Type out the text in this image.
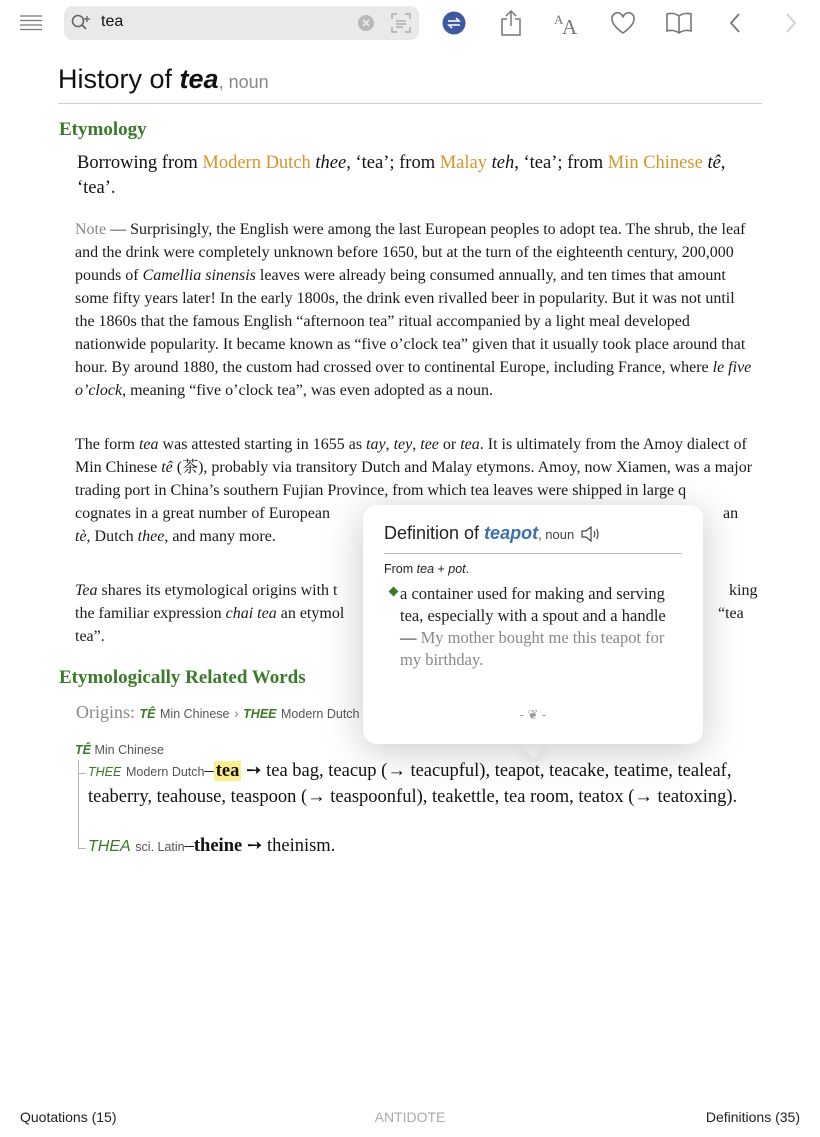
tea	A
A
History of tea, noun
Etymology
Borrowing from Modern Dutch thee, ‘tea’; from Malay teh, ‘tea’; from Min Chinese tê, ‘tea’.
Note — Surprisingly, the English were among the last European peoples to adopt tea. The shrub, the leaf and the drink were completely unknown before 1650, but at the turn of the eighteenth century, 200,000 pounds of Camellia sinensis leaves were already being consumed annually, and ten times that amount some fifty years later! In the early 1800s, the drink even rivalled beer in popularity. But it was not until the 1860s that the famous English “afternoon tea” ritual accompanied by a light meal developed nationwide popularity. It became known as “five o’clock tea” given that it usually took place around that hour. By around 1880, the custom had crossed over to continental Europe, including France, where le five o’clock, meaning “five o’clock tea”, was even adopted as a noun.
The form tea was attested starting in 1655 as tay, tey, tee or tea. It is ultimately from the Amoy dialect of Min Chinese tê (茶), probably via transitory Dutch and Malay etymons. Amoy, now Xiamen, was a major trading port in China’s southern Fujian Province, from which tea leaves were shipped in large q
cognates in a great number of European	an

tè, Dutch thee, and many more.
Tea shares its etymological origins with t	king

the familiar expression chai tea an etymol	“tea

tea”.
Etymologically Related Words
Origins: TÊ Min Chinese › THEE Modern Dutch
TÊ Min Chinese
THEE Modern Dutch– tea ➙ tea bag, teacup (→ teacupful), teapot, teacake, teatime, tealeaf, teaberry, teahouse, teaspoon (→ teaspoonful), teakettle, tea room, teatox (→ teatoxing).
THEA sci. Latin–theine ➙ theinism.
Definition of teapot, noun
From tea + pot.
a container used for making and serving tea, especially with a spout and a handle — My mother bought me this teapot for my birthday.
- ❦ -
Quotations (15)	ANTIDOTE	Definitions (35)
